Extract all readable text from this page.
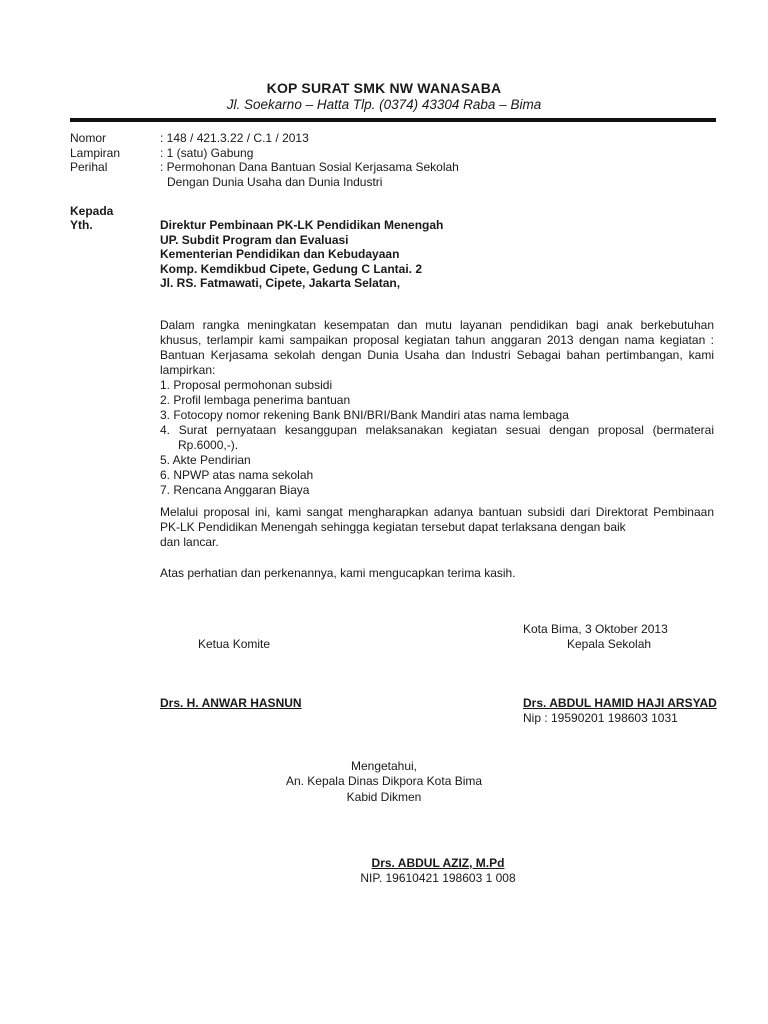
KOP SURAT SMK NW WANASABA
Jl. Soekarno – Hatta Tlp. (0374) 43304 Raba – Bima
Nomor	: 148 / 421.3.22 / C.1 / 2013
Lampiran	: 1 (satu) Gabung
Perihal	: Permohonan Dana Bantuan Sosial Kerjasama Sekolah
Dengan Dunia Usaha dan Dunia Industri
Kepada
Yth.	Direktur Pembinaan PK-LK Pendidikan Menengah
UP. Subdit Program dan Evaluasi
Kementerian Pendidikan dan Kebudayaan
Komp. Kemdikbud Cipete, Gedung C Lantai. 2
Jl. RS. Fatmawati, Cipete, Jakarta Selatan,
Dalam rangka meningkatan kesempatan dan mutu layanan pendidikan bagi anak berkebutuhan
khusus, terlampir kami sampaikan proposal kegiatan tahun anggaran 2013 dengan nama kegiatan :
Bantuan Kerjasama sekolah dengan Dunia Usaha dan Industri Sebagai bahan pertimbangan, kami
lampirkan:
1. Proposal permohonan subsidi
2. Profil lembaga penerima bantuan
3. Fotocopy nomor rekening Bank BNI/BRI/Bank Mandiri atas nama lembaga
4. Surat pernyataan kesanggupan melaksanakan kegiatan sesuai dengan proposal (bermaterai
Rp.6000,-).
5. Akte Pendirian
6. NPWP atas nama sekolah
7. Rencana Anggaran Biaya
Melalui proposal ini, kami sangat mengharapkan adanya bantuan subsidi dari Direktorat Pembinaan
PK-LK Pendidikan Menengah sehingga kegiatan tersebut dapat terlaksana dengan baik
dan lancar.
Atas perhatian dan perkenannya, kami mengucapkan terima kasih.
Kota Bima, 3 Oktober 2013
Ketua Komite	Kepala Sekolah
Drs. H. ANWAR HASNUN	Drs. ABDUL HAMID HAJI ARSYAD
Nip : 19590201 198603 1031
Mengetahui,
An. Kepala Dinas Dikpora Kota Bima
Kabid Dikmen
Drs. ABDUL AZIZ, M.Pd
NIP. 19610421 198603 1 008
